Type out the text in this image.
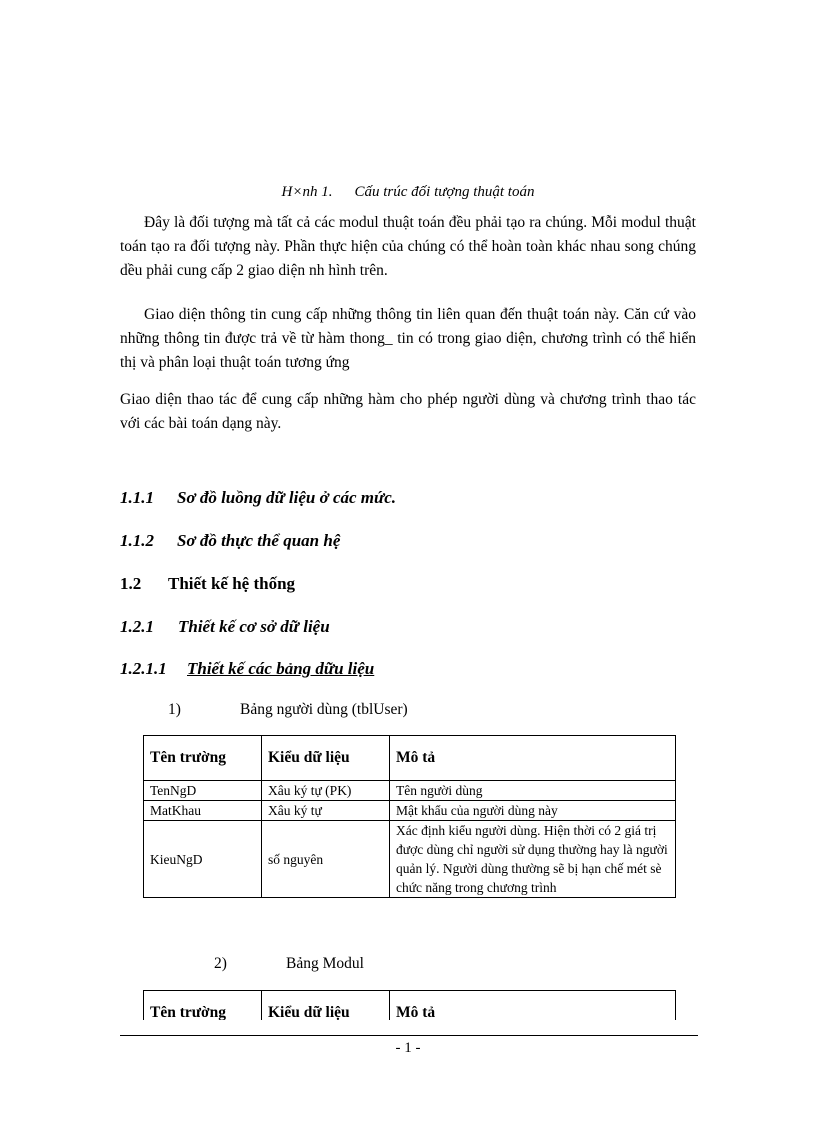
H×nh 1. Cấu trúc đối tượng thuật toán

Đây là đối tượng mà tất cả các modul thuật toán đều phải tạo ra chúng. Mỗi modul thuật toán tạo ra đối tượng này. Phần thực hiện của chúng có thể hoàn toàn khác nhau song chúng dều phải cung cấp 2 giao diện nh hình trên.

Giao diện thông tin cung cấp những thông tin liên quan đến thuật toán này. Căn cứ vào những thông tin được trả về từ hàm thong_ tin có trong giao diện, chương trình có thể hiển thị và phân loại thuật toán tương ứng

Giao diện thao tác để cung cấp những hàm cho phép người dùng và chương trình thao tác với các bài toán dạng này.

1.1.1 Sơ đồ luồng dữ liệu ở các mức.
1.1.2 Sơ đồ thực thể quan hệ
1.2 Thiết kế hệ thống
1.2.1 Thiết kế cơ sở dữ liệu
1.2.1.1 Thiết kế các bảng dữu liệu
1)	Bảng người dùng (tblUser)
Tên trường	Kiểu dữ liệu	Mô tả
TenNgD	Xâu ký tự (PK)	Tên người dùng
MatKhau	Xâu ký tự	Mật khẩu của người dùng này
KieuNgD	số nguyên	Xác định kiểu người dùng. Hiện thời có 2 giá trị được dùng chỉ người sử dụng thường hay là người quản lý. Người dùng thường sẽ bị hạn chế mét sè chức năng trong chương trình
2)	Bảng Modul
Tên trường	Kiểu dữ liệu	Mô tả
- 1 -
